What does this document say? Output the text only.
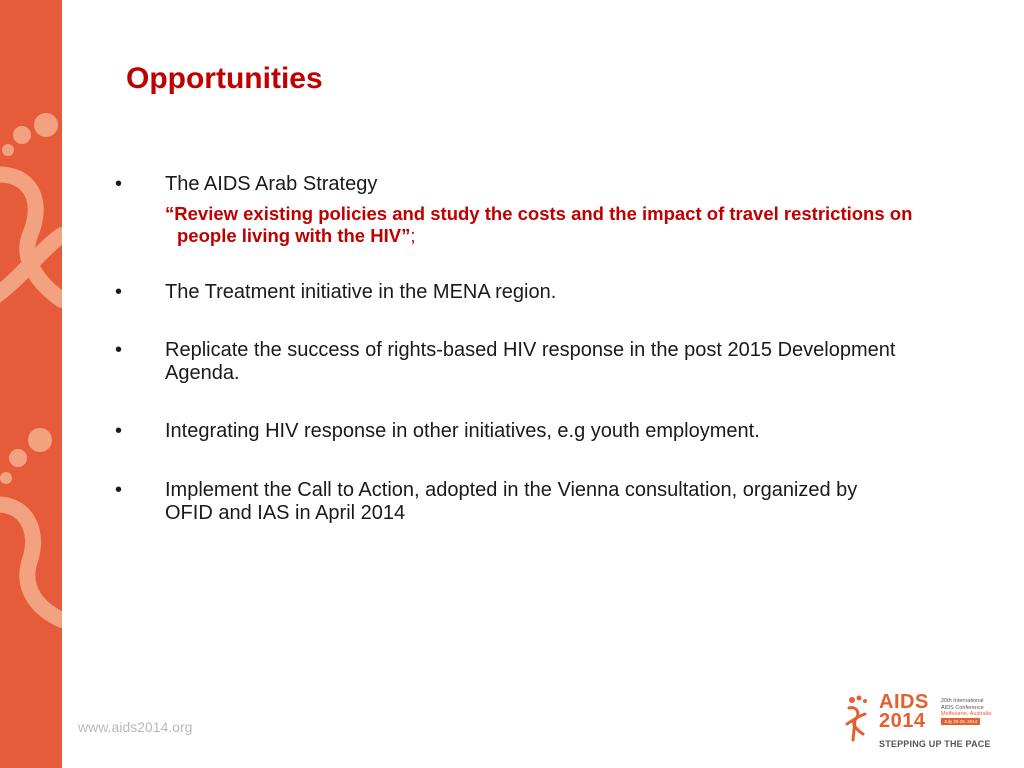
Opportunities
• The AIDS Arab Strategy
“Review existing policies and study the costs and the impact of travel restrictions on people living with the HIV”;
• The Treatment initiative in the MENA region.
• Replicate the success of rights-based HIV response in the post 2015 Development Agenda.
• Integrating HIV response in other initiatives, e.g youth employment.
• Implement the Call to Action, adopted in the Vienna consultation, organized by OFID and IAS in April 2014
www.aids2014.org
AIDS
2014
20th International
AIDS Conference
Melbourne, Australia
July 20-25, 2014
STEPPING UP THE PACE
